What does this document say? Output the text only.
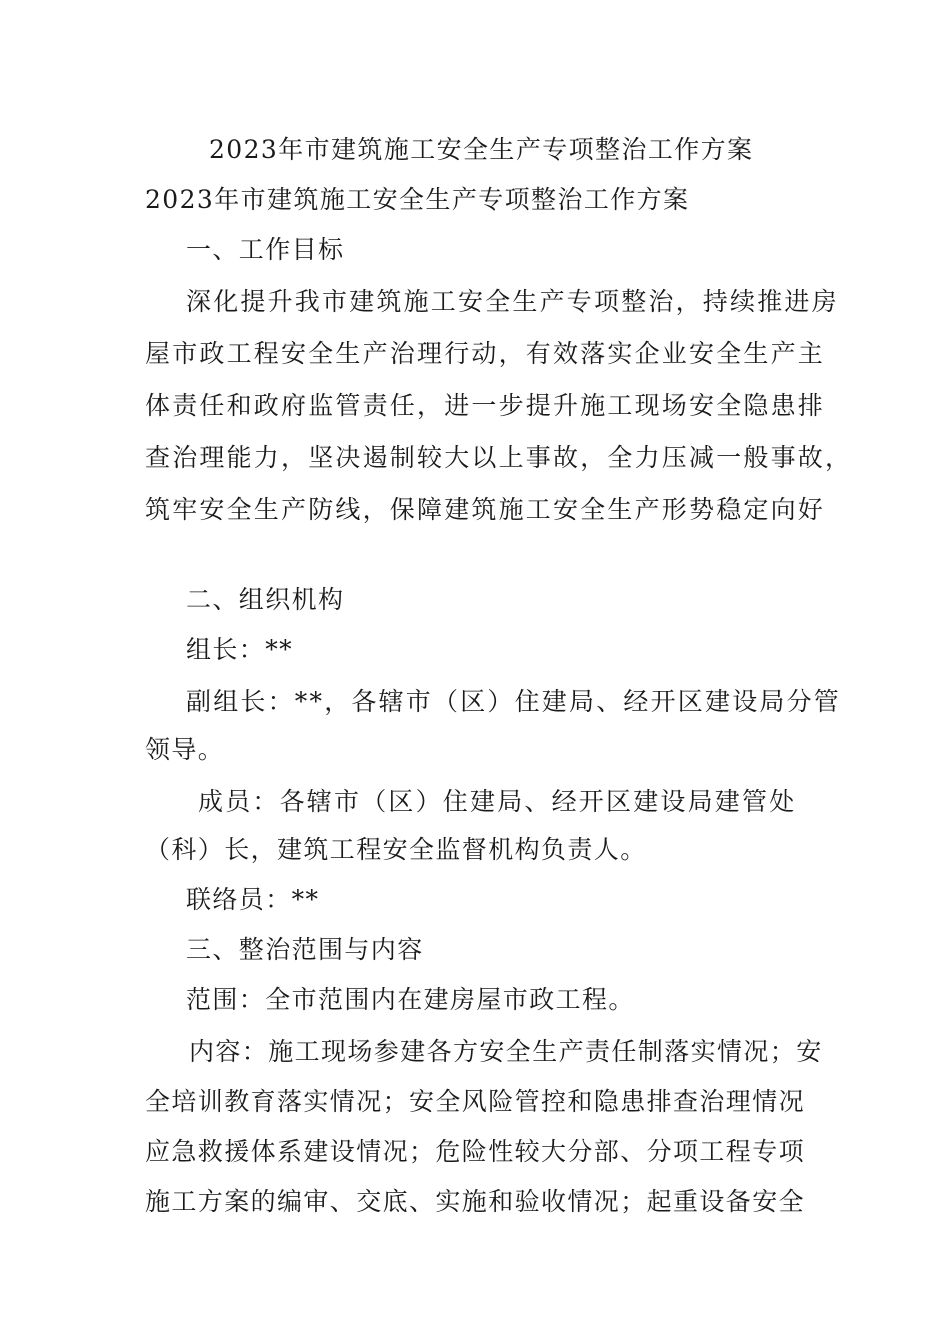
2023年市建筑施工安全生产专项整治工作方案
2023年市建筑施工安全生产专项整治工作方案
一、工作目标
深化提升我市建筑施工安全生产专项整治，持续推进房
屋市政工程安全生产治理行动，有效落实企业安全生产主
体责任和政府监管责任，进一步提升施工现场安全隐患排
查治理能力，坚决遏制较大以上事故，全力压减一般事故，
筑牢安全生产防线，保障建筑施工安全生产形势稳定向好
二、组织机构
组长：**
副组长：**，各辖市（区）住建局、经开区建设局分管
领导。
成员：各辖市（区）住建局、经开区建设局建管处
（科）长，建筑工程安全监督机构负责人。
联络员：**
三、整治范围与内容
范围：全市范围内在建房屋市政工程。
内容：施工现场参建各方安全生产责任制落实情况；安
全培训教育落实情况；安全风险管控和隐患排查治理情况
应急救援体系建设情况；危险性较大分部、分项工程专项
施工方案的编审、交底、实施和验收情况；起重设备安全
